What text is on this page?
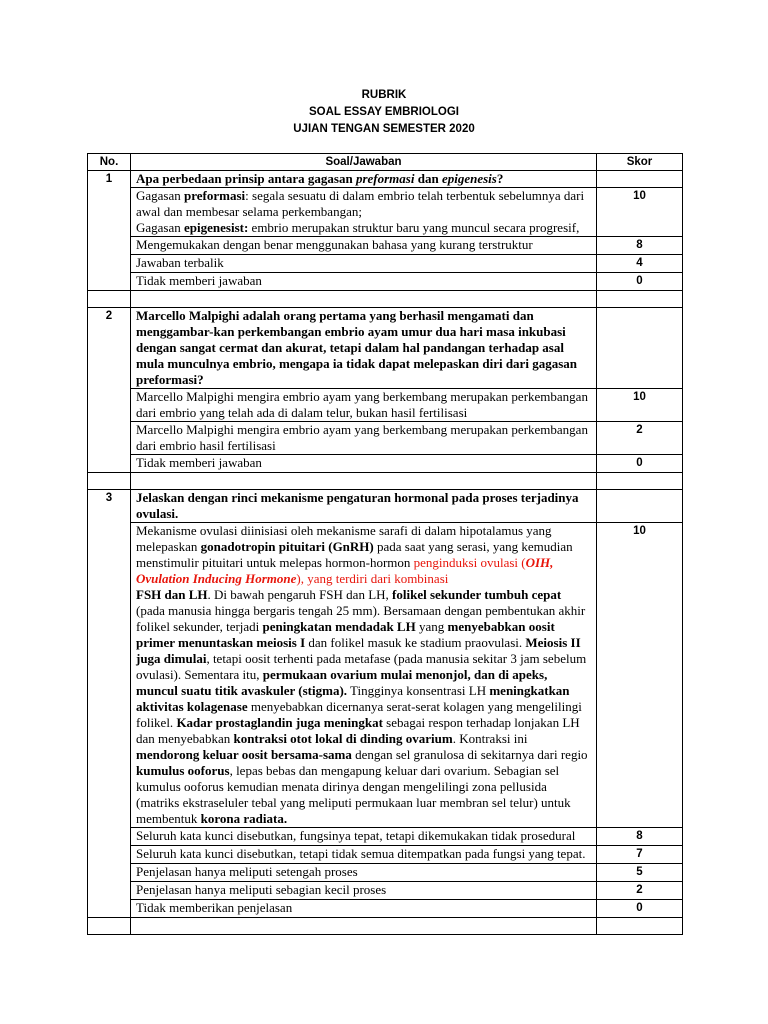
RUBRIK
SOAL ESSAY EMBRIOLOGI
UJIAN TENGAN SEMESTER 2020
No.	Soal/Jawaban	Skor
1	Apa perbedaan prinsip antara gagasan preformasi dan epigenesis?	
	Gagasan preformasi: segala sesuatu di dalam embrio telah terbentuk sebelumnya dari awal dan membesar selama perkembangan;
Gagasan epigenesist: embrio merupakan struktur baru yang muncul secara progresif,	10
	Mengemukakan dengan benar menggunakan bahasa yang kurang terstruktur	8
	Jawaban terbalik	4
	Tidak memberi jawaban	0

2	Marcello Malpighi adalah orang pertama yang berhasil mengamati dan menggambar-kan perkembangan embrio ayam umur dua hari masa inkubasi dengan sangat cermat dan akurat, tetapi dalam hal pandangan terhadap asal mula munculnya embrio, mengapa ia tidak dapat melepaskan diri dari gagasan preformasi?	
	Marcello Malpighi mengira embrio ayam yang berkembang merupakan perkembangan dari embrio yang telah ada di dalam telur, bukan hasil fertilisasi	10
	Marcello Malpighi mengira embrio ayam yang berkembang merupakan perkembangan dari embrio hasil fertilisasi	2
	Tidak memberi jawaban	0

3	Jelaskan dengan rinci mekanisme pengaturan hormonal pada proses terjadinya ovulasi.	
	Mekanisme ovulasi diinisiasi oleh mekanisme sarafi di dalam hipotalamus yang melepaskan gonadotropin pituitari (GnRH) pada saat yang serasi, yang kemudian menstimulir pituitari untuk melepas hormon-hormon penginduksi ovulasi (OIH, Ovulation Inducing Hormone), yang terdiri dari kombinasi
FSH dan LH. Di bawah pengaruh FSH dan LH, folikel sekunder tumbuh cepat (pada manusia hingga bergaris tengah 25 mm). Bersamaan dengan pembentukan akhir folikel sekunder, terjadi peningkatan mendadak LH yang menyebabkan oosit primer menuntaskan meiosis I dan folikel masuk ke stadium praovulasi. Meiosis II juga dimulai, tetapi oosit terhenti pada metafase (pada manusia sekitar 3 jam sebelum ovulasi). Sementara itu, permukaan ovarium mulai menonjol, dan di apeks, muncul suatu titik avaskuler (stigma). Tingginya konsentrasi LH meningkatkan aktivitas kolagenase menyebabkan dicernanya serat-serat kolagen yang mengelilingi folikel. Kadar prostaglandin juga meningkat sebagai respon terhadap lonjakan LH dan menyebabkan kontraksi otot lokal di dinding ovarium. Kontraksi ini mendorong keluar oosit bersama-sama dengan sel granulosa di sekitarnya dari regio kumulus ooforus, lepas bebas dan mengapung keluar dari ovarium. Sebagian sel kumulus ooforus kemudian menata dirinya dengan mengelilingi zona pellusida (matriks ekstraseluler tebal yang meliputi permukaan luar membran sel telur) untuk membentuk korona radiata.	10
	Seluruh kata kunci disebutkan, fungsinya tepat, tetapi dikemukakan tidak prosedural	8
	Seluruh kata kunci disebutkan, tetapi tidak semua ditempatkan pada fungsi yang tepat.	7
	Penjelasan hanya meliputi setengah proses	5
	Penjelasan hanya meliputi sebagian kecil proses	2
	Tidak memberikan penjelasan	0
